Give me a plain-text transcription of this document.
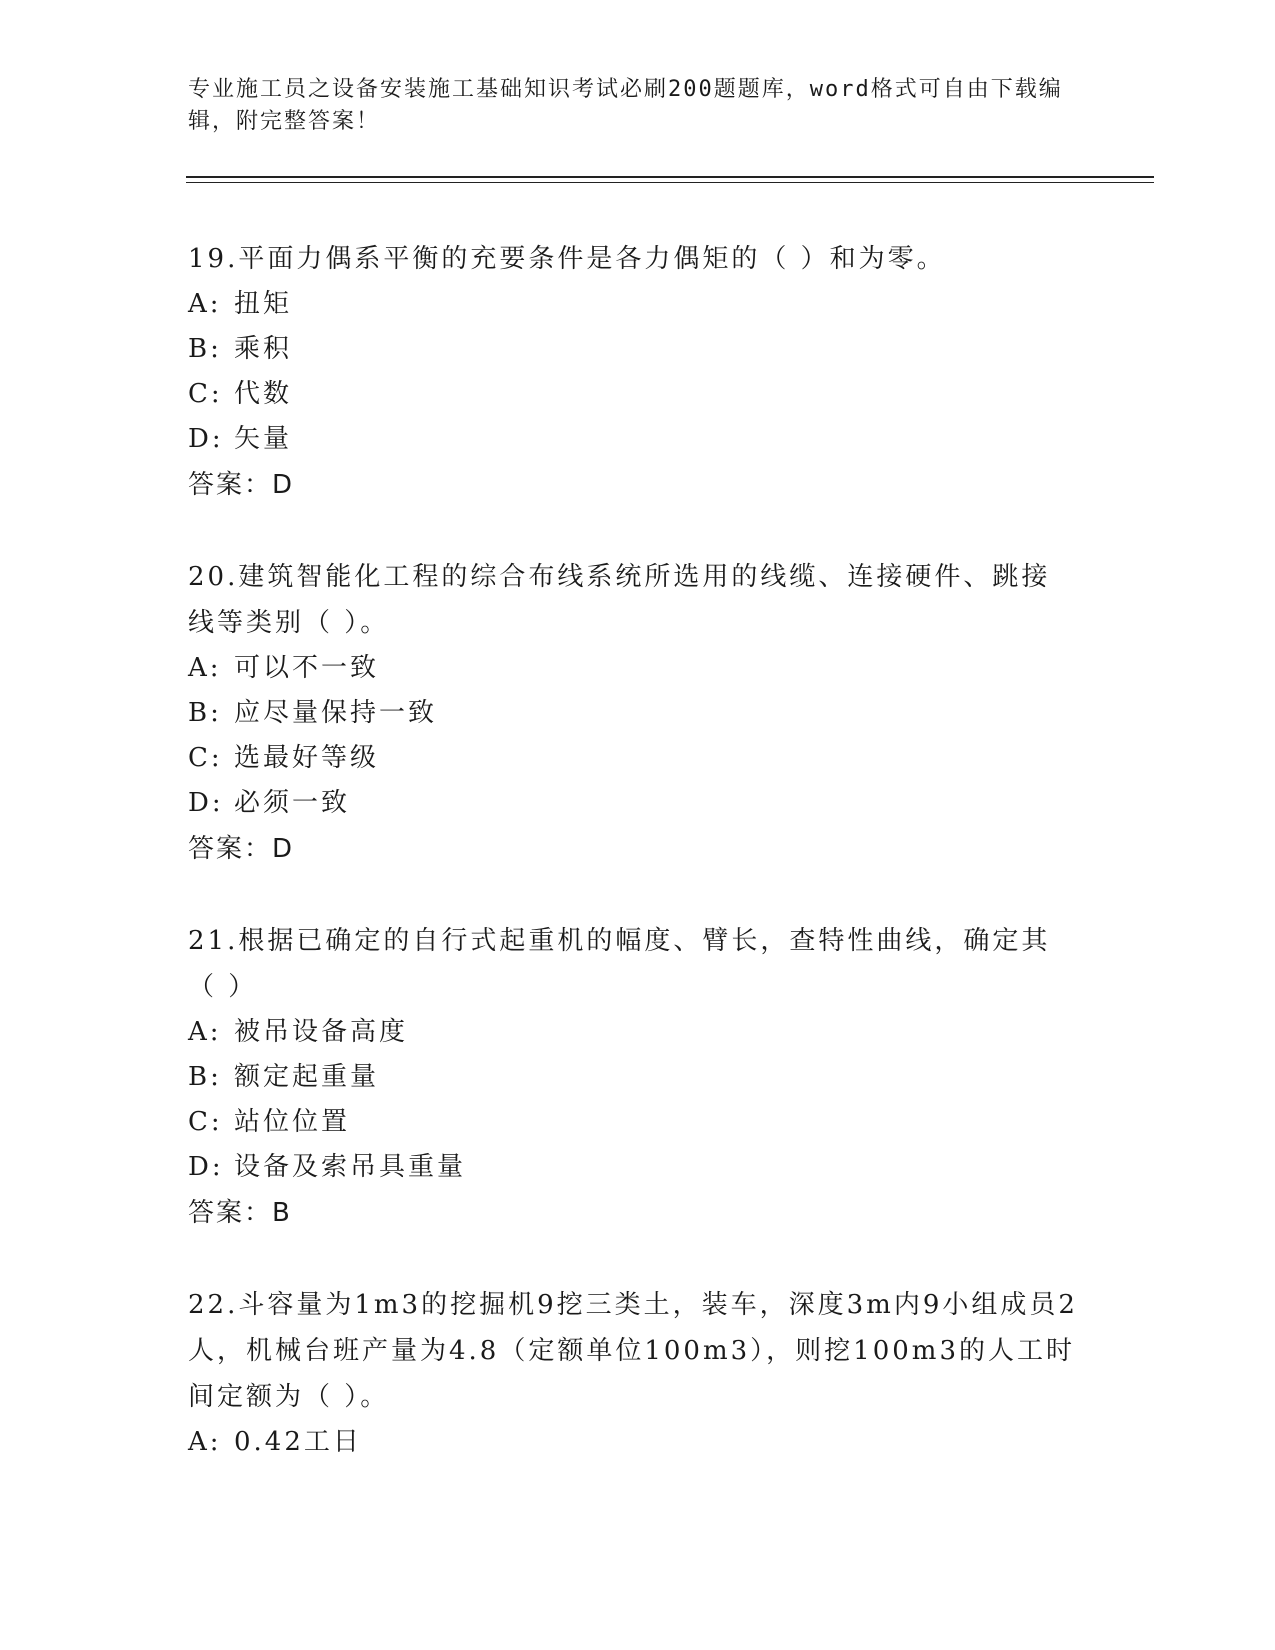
专业施工员之设备安装施工基础知识考试必刷200题题库，word格式可自由下载编辑，附完整答案！
19.平面力偶系平衡的充要条件是各力偶矩的（ ）和为零。
A: 扭矩
B: 乘积
C: 代数
D: 矢量
答案： D
20.建筑智能化工程的综合布线系统所选用的线缆、连接硬件、跳接线等类别（ ）。
A: 可以不一致
B: 应尽量保持一致
C: 选最好等级
D: 必须一致
答案： D
21.根据已确定的自行式起重机的幅度、臂长，查特性曲线，确定其（ ）
A: 被吊设备高度
B: 额定起重量
C: 站位位置
D: 设备及索吊具重量
答案： B
22.斗容量为1m3的挖掘机9挖三类土，装车，深度3m内9小组成员2人，机械台班产量为4.8（定额单位100m3），则挖100m3的人工时间定额为（ ）。
A: 0.42工日
